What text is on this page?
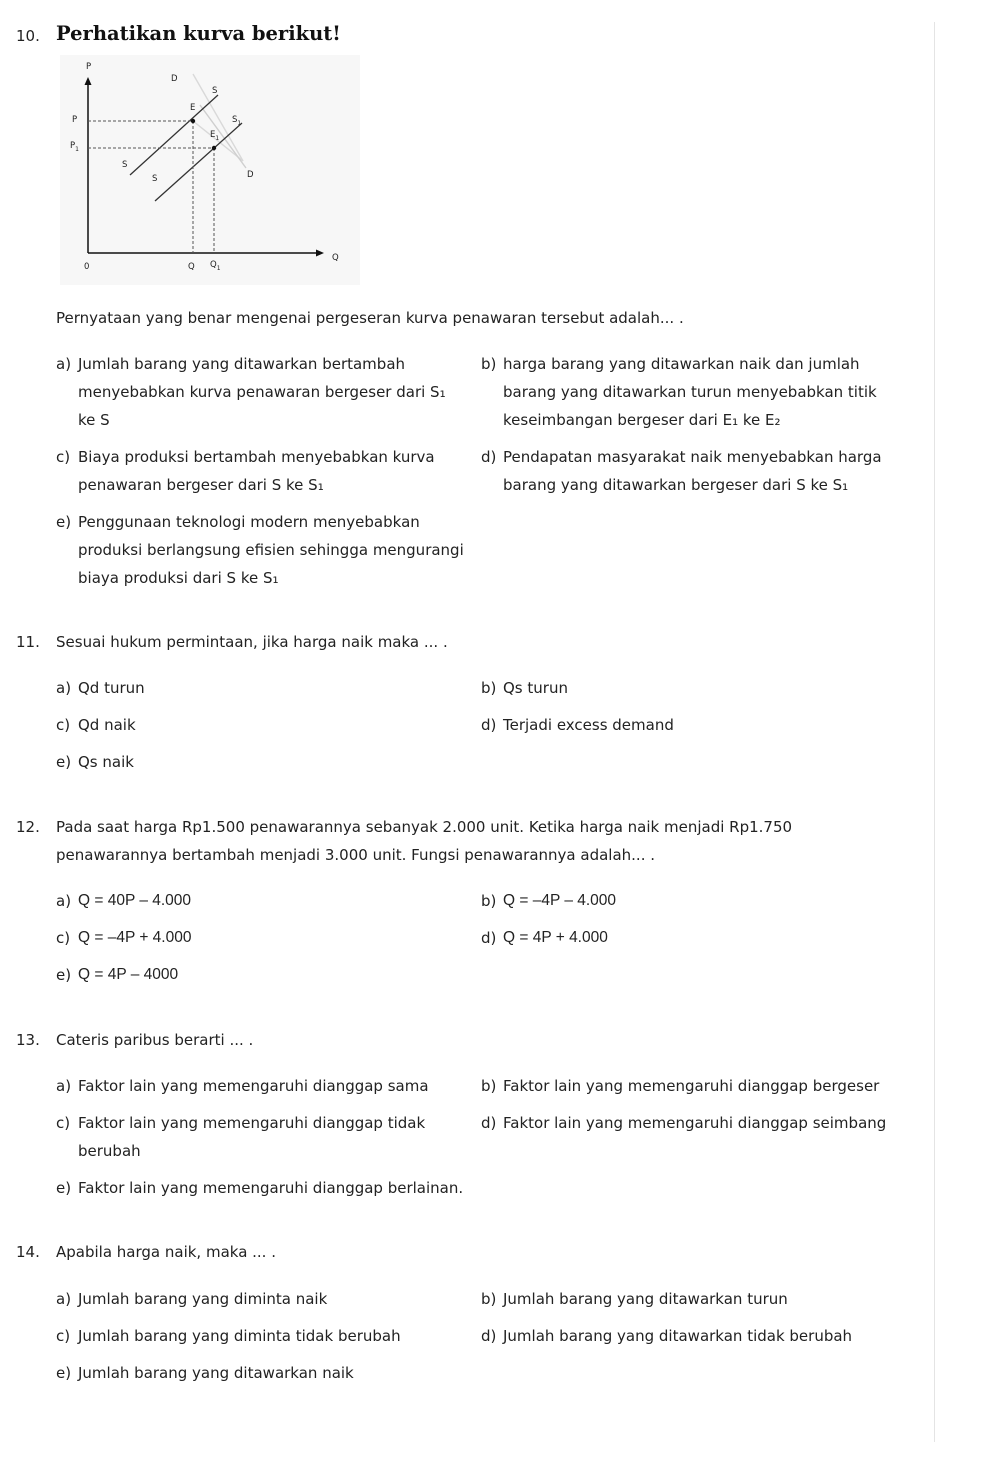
10. Perhatikan kurva berikut!
P
Q
0
D
S
E
$S_1$
$E_1$
P
$P_1$
S
S	D
Q $Q_1$
Pernyataan yang benar mengenai pergeseran kurva penawaran tersebut adalah... .
a) Jumlah barang yang ditawarkan bertambah menyebabkan kurva penawaran bergeser dari S₁ ke S
b) harga barang yang ditawarkan naik dan jumlah barang yang ditawarkan turun menyebabkan titik keseimbangan bergeser dari E₁ ke E₂
c) Biaya produksi bertambah menyebabkan kurva penawaran bergeser dari S ke S₁
d) Pendapatan masyarakat naik menyebabkan harga barang yang ditawarkan bergeser dari S ke S₁
e) Penggunaan teknologi modern menyebabkan produksi berlangsung efisien sehingga mengurangi biaya produksi dari S ke S₁
11. Sesuai hukum permintaan, jika harga naik maka ... .
a) Qd turun	b) Qs turun
c) Qd naik	d) Terjadi excess demand
e) Qs naik
12. Pada saat harga Rp1.500 penawarannya sebanyak 2.000 unit. Ketika harga naik menjadi Rp1.750 penawarannya bertambah menjadi 3.000 unit. Fungsi penawarannya adalah... .
a) Q = 40P – 4.000	b) Q = –4P – 4.000
c) Q = –4P + 4.000	d) Q = 4P + 4.000
e) Q = 4P – 4000
13. Cateris paribus berarti ... .
a) Faktor lain yang memengaruhi dianggap sama	b) Faktor lain yang memengaruhi dianggap bergeser
c) Faktor lain yang memengaruhi dianggap tidak berubah
d) Faktor lain yang memengaruhi dianggap seimbang
e) Faktor lain yang memengaruhi dianggap berlainan.
14. Apabila harga naik, maka ... .
a) Jumlah barang yang diminta naik	b) Jumlah barang yang ditawarkan turun
c) Jumlah barang yang diminta tidak berubah	d) Jumlah barang yang ditawarkan tidak berubah
e) Jumlah barang yang ditawarkan naik
